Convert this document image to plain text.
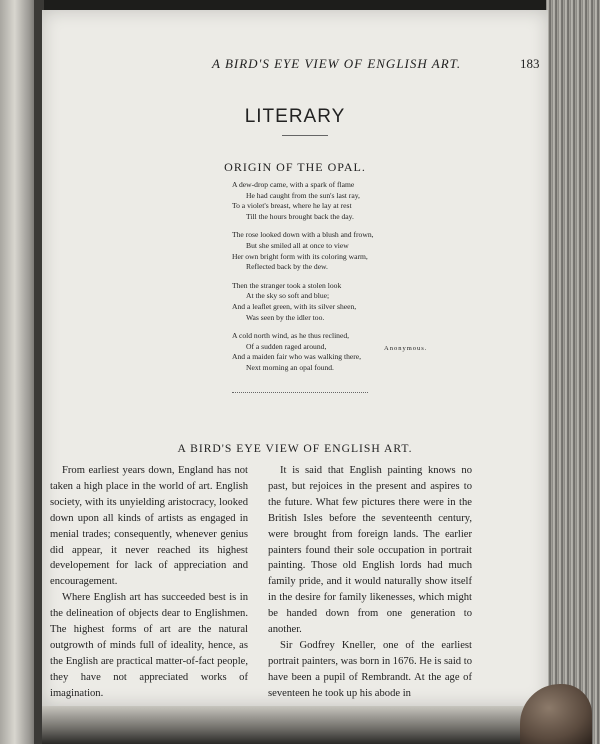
A BIRD'S EYE VIEW OF ENGLISH ART.	183
LITERARY
ORIGIN OF THE OPAL.
A dew-drop came, with a spark of flame
He had caught from the sun's last ray,
To a violet's breast, where he lay at rest
Till the hours brought back the day.
The rose looked down with a blush and frown,
But she smiled all at once to view
Her own bright form with its coloring warm,
Reflected back by the dew.
Then the stranger took a stolen look
At the sky so soft and blue;
And a leaflet green, with its silver sheen,
Was seen by the idler too.
A cold north wind, as he thus reclined,
Of a sudden raged around,
And a maiden fair who was walking there,
Next morning an opal found.
Anonymous.
A BIRD'S EYE VIEW OF ENGLISH ART.

From earliest years down, England has not taken a high place in the world of art. English society, with its unyielding aristocracy, looked down upon all kinds of artists as engaged in menial trades; consequently, whenever genius did appear, it never reached its highest developement for lack of appreciation and encouragement.

Where English art has succeeded best is in the delineation of objects dear to Englishmen. The highest forms of art are the natural outgrowth of minds full of ideality, hence, as the English are practical matter-of-fact people, they have not appreciated works of imagination.

It is said that English painting knows no past, but rejoices in the present and aspires to the future. What few pictures there were in the British Isles before the seventeenth century, were brought from foreign lands. The earlier painters found their sole occupation in portrait painting. Those old English lords had much family pride, and it would naturally show itself in the desire for family likenesses, which might be handed down from one generation to another.

Sir Godfrey Kneller, one of the earliest portrait painters, was born in 1676. He is said to have been a pupil of Rembrandt. At the age of seventeen he took up his abode in
